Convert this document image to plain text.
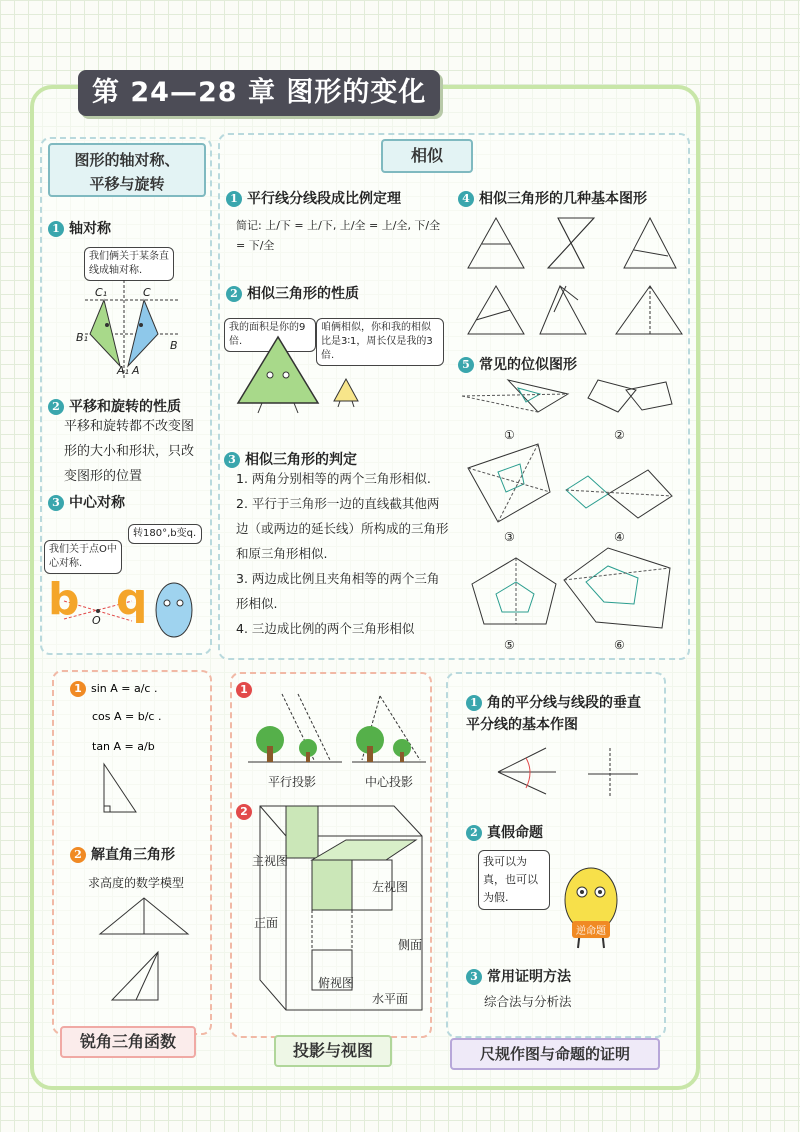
第 24—28 章 图形的变化
图形的轴对称、
平移与旋转
1 轴对称
我们俩关于某条直线成轴对称.
C₁	C
B₁
B
A₁ A
2 平移和旋转的性质
平移和旋转都不改变图形的大小和形状，只改变图形的位置
3 中心对称
转180°,b变q.
我们关于点O中心对称.
b q
O
相似
1 平行线分线段成比例定理
简记: 上/下 = 上/下, 上/全 = 上/全, 下/全 = 下/全
2 相似三角形的性质
我的面积是你的9倍.
咱俩相似，你和我的相似比是3∶1，周长仅是我的3倍.
3 相似三角形的判定
1. 两角分别相等的两个三角形相似.
2. 平行于三角形一边的直线截其他两边（或两边的延长线）所构成的三角形和原三角形相似.
3. 两边成比例且夹角相等的两个三角形相似.
4. 三边成比例的两个三角形相似
4 相似三角形的几种基本图形
5 常见的位似图形
①	②
③	④
⑤	⑥
1 sin A = a/c .
cos A = b/c .
tan A = a/b
2 解直角三角形
求高度的数学模型
锐角三角函数
1
平行投影	中心投影
2
主视图
左视图
正面
侧面
俯视图
水平面
投影与视图
1 角的平分线与线段的垂直平分线的基本作图
2 真假命题
我可以为真，也可以为假.
逆命题
3 常用证明方法
综合法与分析法
尺规作图与命题的证明
